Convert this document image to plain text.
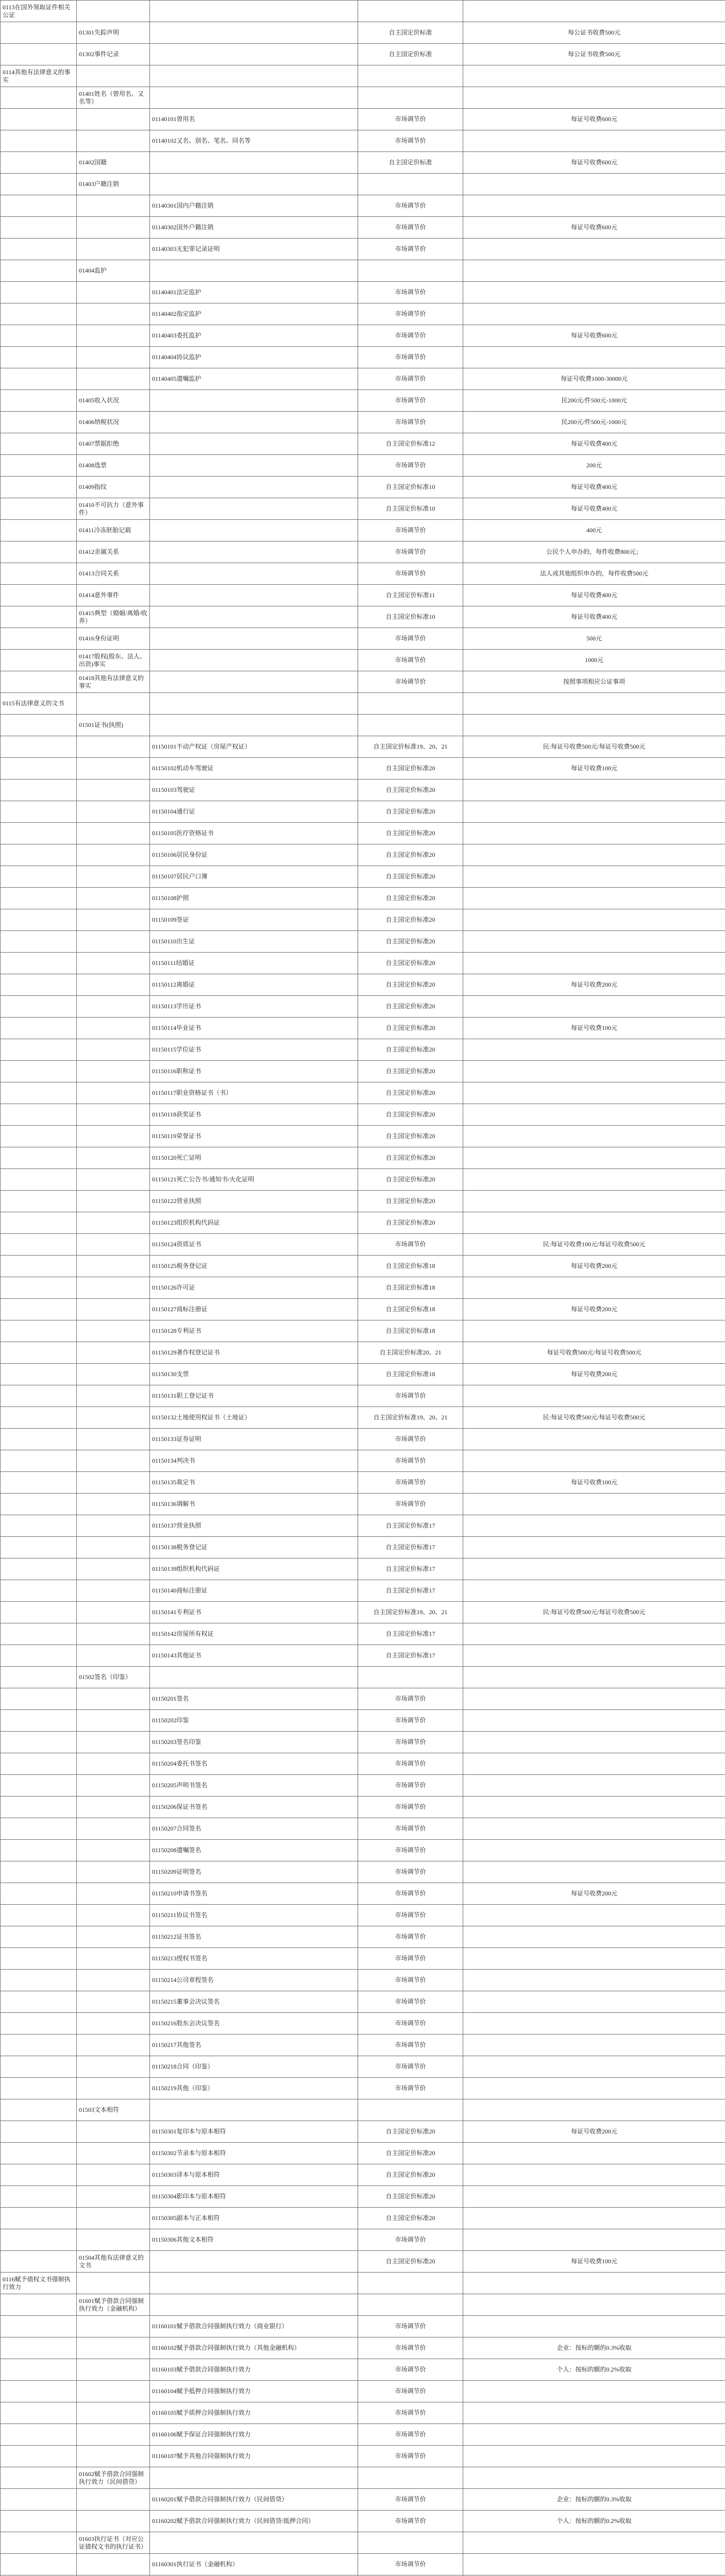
0113在国外领取证件相关公证				
	01301失踪声明		自主国定价标准	每公证书收费500元
	01302事件记录		自主国定价标准	每公证书收费500元
0114其他有法律意义的事实				
	01401姓名（曾用名、又名等）			
		01140101曾用名	市场调节价	每证号收费600元
		01140102又名、别名、笔名、同名等	市场调节价	
	01402国籍		自主国定价标准	每证号收费600元
	01403户籍注销			
		01140301国内户籍注销	市场调节价	
		01140302国外户籍注销	市场调节价	每证号收费600元
		01140303无犯罪记录证明	市场调节价	
	01404监护			
		01140401法定监护	市场调节价	
		01140402指定监护	市场调节价	
		01140403委托监护	市场调节价	每证号收费600元
		01140404协议监护	市场调节价	
		01140405遗嘱监护	市场调节价	每证号收费1000-30000元
	01405收入状况		市场调节价	民200元/件500元-1000元
	01406纳税状况		市场调节价	民200元/件500元-1000元
	01407票据拒绝		自主国定价标准12	每证号收费400元
	01408选票		市场调节价	200元
	01409指纹		自主国定价标准10	每证号收费400元
	01410不可抗力（意外事件）		自主国定价标准10	每证号收费400元
	01411冷冻胚胎记载		市场调节价	400元
	01412亲属关系		市场调节价	公民个人申办的，每件收费800元；
	01413合同关系		市场调节价	法人或其他组织申办的，每件收费500元
	01414意外事件		自主国定价标准11	每证号收费400元
	01415典型（婚姻/离婚/收养）		自主国定价标准10	每证号收费400元
	01416身份证明		市场调节价	500元
	01417股权(股东、法人、出资)事实		市场调节价	1000元
	01418其他有法律意义的事实		市场调节价	按照事项相应公证事项
0115有法律意义的文书				
	01501证书(执照)			
		01150101不动产权证（房屋产权证）	自主国定价标准19、20、21	民:每证号收费500元/每证号收费500元
		01150102机动车驾驶证	自主国定价标准20	每证号收费100元
		01150103驾驶证	自主国定价标准20	
		01150104通行证	自主国定价标准20	
		01150105医疗资格证书	自主国定价标准20	
		01150106居民身份证	自主国定价标准20	
		01150107居民户口簿	自主国定价标准20	
		01150108护照	自主国定价标准20	
		01150109签证	自主国定价标准20	
		01150110出生证	自主国定价标准20	
		01150111结婚证	自主国定价标准20	
		01150112离婚证	自主国定价标准20	每证号收费200元
		01150113学历证书	自主国定价标准20	
		01150114毕业证书	自主国定价标准20	每证号收费100元
		01150115学位证书	自主国定价标准20	
		01150116职称证书	自主国定价标准20	
		01150117职业资格证书（书）	自主国定价标准20	
		01150118获奖证书	自主国定价标准20	
		01150119荣誉证书	自主国定价标准20	
		01150120死亡证明	自主国定价标准20	
		01150121死亡公告书/通知书/火化证明	自主国定价标准20	
		01150122营业执照	自主国定价标准20	
		01150123组织机构代码证	自主国定价标准20	
		01150124资质证书	市场调节价	民:每证号收费100元/每证号收费500元
		01150125税务登记证	自主国定价标准18	每证号收费200元
		01150126许可证	自主国定价标准18	
		01150127商标注册证	自主国定价标准18	每证号收费200元
		01150128专利证书	自主国定价标准18	
		01150129著作权登记证书	自主国定价标准20、21	每证号收费500元/每证号收费500元
		01150130支票	自主国定价标准18	每证号收费200元
		01150131职工登记证书	市场调节价	
		01150132土地使用权证书（土地证）	自主国定价标准19、20、21	民:每证号收费500元/每证号收费500元
		01150133证券证明	市场调节价	
		01150134判决书	市场调节价	
		01150135裁定书	市场调节价	每证号收费100元
		01150136调解书	市场调节价	
		01150137营业执照	自主国定价标准17	
		01150138税务登记证	自主国定价标准17	
		01150139组织机构代码证	自主国定价标准17	
		01150140商标注册证	自主国定价标准17	
		01150141专利证书	自主国定价标准19、20、21	民:每证号收费500元/每证号收费500元
		01150142房屋所有权证	自主国定价标准17	
		01150143其他证书	自主国定价标准17	
	01502签名（印鉴）			
		01150201签名	市场调节价	
		01150202印鉴	市场调节价	
		01150203签名印鉴	市场调节价	
		01150204委托书签名	市场调节价	
		01150205声明书签名	市场调节价	
		01150206保证书签名	市场调节价	
		01150207合同签名	市场调节价	
		01150208遗嘱签名	市场调节价	
		01150209证明签名	市场调节价	
		01150210申请书签名	市场调节价	每证号收费200元
		01150211协议书签名	市场调节价	
		01150212证书签名	市场调节价	
		01150213授权书签名	市场调节价	
		01150214公司章程签名	市场调节价	
		01150215董事会决议签名	市场调节价	
		01150216股东会决议签名	市场调节价	
		01150217其他签名	市场调节价	
		01150218合同（印鉴）	市场调节价	
		01150219其他（印鉴）	市场调节价	
	01503文本相符			
		01150301复印本与原本相符	自主国定价标准20	每证号收费200元
		01150302节录本与原本相符	自主国定价标准20	
		01150303译本与原本相符	自主国定价标准20	
		01150304影印本与原本相符	自主国定价标准20	
		01150305副本与正本相符	自主国定价标准20	
		01150306其他文本相符	市场调节价	
	01504其他有法律意义的文书		自主国定价标准20	每证号收费100元
0116赋予债权文书强制执行效力				
	01601赋予借款合同强制执行效力（金融机构）			
		01160101赋予借款合同强制执行效力（商业银行）	市场调节价	
		01160102赋予借款合同强制执行效力（其他金融机构）	市场调节价	企业：按标的额的0.3%收取
		01160103赋予借款合同强制执行效力	市场调节价	个人：按标的额的0.2%收取
		01160104赋予抵押合同强制执行效力	市场调节价	
		01160105赋予质押合同强制执行效力	市场调节价	
		01160106赋予保证合同强制执行效力	市场调节价	
		01160107赋予其他合同强制执行效力	市场调节价	
	01602赋予借款合同强制执行效力（民间借贷）			
		01160201赋予借款合同强制执行效力（民间借贷）	市场调节价	企业：按标的额的0.3%收取
		01160202赋予借款合同强制执行效力（民间借贷/抵押合同）	市场调节价	个人：按标的额的0.2%收取
	01603执行证书（对应公证债权文书的执行证书）			
		01160301执行证书（金融机构）	市场调节价	
